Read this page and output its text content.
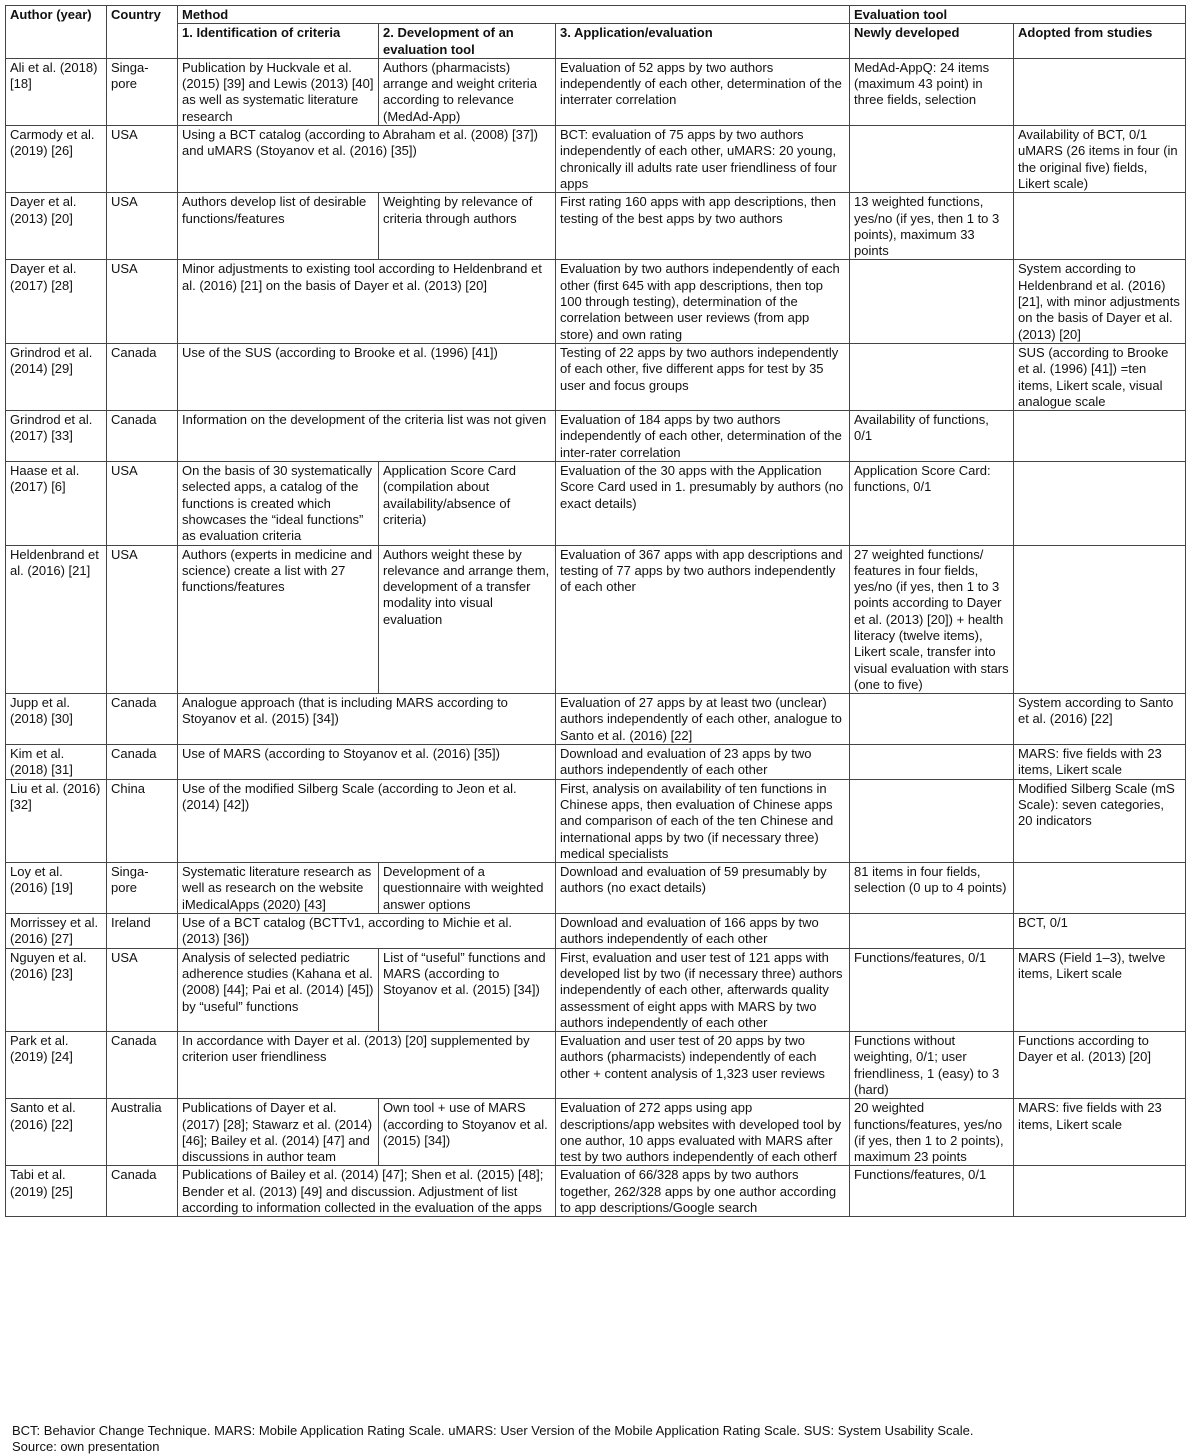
Author (year)	Country	Method			Evaluation tool	
		1. Identification of criteria	2. Development of an evaluation tool	3. Application/evaluation	Newly developed	Adopted from studies
Ali et al. (2018) [18]	Singa-pore	Publication by Huckvale et al. (2015) [39] and Lewis (2013) [40] as well as systematic literature research	Authors (pharmacists) arrange and weight criteria according to relevance (MedAd-App)	Evaluation of 52 apps by two authors independently of each other, determination of the interrater correlation	MedAd-AppQ: 24 items (maximum 43 point) in three fields, selection	
Carmody et al. (2019) [26]	USA	Using a BCT catalog (according to Abraham et al. (2008) [37]) and uMARS (Stoyanov et al. (2016) [35])		BCT: evaluation of 75 apps by two authors independently of each other, uMARS: 20 young, chronically ill adults rate user friendliness of four apps		Availability of BCT, 0/1 uMARS (26 items in four (in the original five) fields, Likert scale)
Dayer et al. (2013) [20]	USA	Authors develop list of desirable functions/features	Weighting by relevance of criteria through authors	First rating 160 apps with app descriptions, then testing of the best apps by two authors	13 weighted functions, yes/no (if yes, then 1 to 3 points), maximum 33 points	
Dayer et al. (2017) [28]	USA	Minor adjustments to existing tool according to Heldenbrand et al. (2016) [21] on the basis of Dayer et al. (2013) [20]		Evaluation by two authors independently of each other (first 645 with app descriptions, then top 100 through testing), determination of the correlation between user reviews (from app store) and own rating		System according to Heldenbrand et al. (2016) [21], with minor adjustments on the basis of Dayer et al. (2013) [20]
Grindrod et al. (2014) [29]	Canada	Use of the SUS (according to Brooke et al. (1996) [41])		Testing of 22 apps by two authors independently of each other, five different apps for test by 35 user and focus groups		SUS (according to Brooke et al. (1996) [41]) =ten items, Likert scale, visual analogue scale
Grindrod et al. (2017) [33]	Canada	Information on the development of the criteria list was not given		Evaluation of 184 apps by two authors independently of each other, determination of the inter-rater correlation	Availability of functions, 0/1	
Haase et al. (2017) [6]	USA	On the basis of 30 systematically selected apps, a catalog of the functions is created which showcases the “ideal functions” as evaluation criteria	Application Score Card (compilation about availability/absence of criteria)	Evaluation of the 30 apps with the Application Score Card used in 1. presumably by authors (no exact details)	Application Score Card: functions, 0/1	
Heldenbrand et al. (2016) [21]	USA	Authors (experts in medicine and science) create a list with 27 functions/features	Authors weight these by relevance and arrange them, development of a transfer modality into visual evaluation	Evaluation of 367 apps with app descriptions and testing of 77 apps by two authors independently of each other	27 weighted functions/ features in four fields, yes/no (if yes, then 1 to 3 points according to Dayer et al. (2013) [20]) + health literacy (twelve items), Likert scale, transfer into visual evaluation with stars (one to five)	
Jupp et al. (2018) [30]	Canada	Analogue approach (that is including MARS according to Stoyanov et al. (2015) [34])		Evaluation of 27 apps by at least two (unclear) authors independently of each other, analogue to Santo et al. (2016) [22]		System according to Santo et al. (2016) [22]
Kim et al. (2018) [31]	Canada	Use of MARS (according to Stoyanov et al. (2016) [35])		Download and evaluation of 23 apps by two authors independently of each other		MARS: five fields with 23 items, Likert scale
Liu et al. (2016) [32]	China	Use of the modified Silberg Scale (according to Jeon et al. (2014) [42])		First, analysis on availability of ten functions in Chinese apps, then evaluation of Chinese apps and comparison of each of the ten Chinese and international apps by two (if necessary three) medical specialists		Modified Silberg Scale (mS Scale): seven categories, 20 indicators
Loy et al. (2016) [19]	Singa-pore	Systematic literature research as well as research on the website iMedicalApps (2020) [43]	Development of a questionnaire with weighted answer options	Download and evaluation of 59 presumably by authors (no exact details)	81 items in four fields, selection (0 up to 4 points)	
Morrissey et al. (2016) [27]	Ireland	Use of a BCT catalog (BCTTv1, according to Michie et al. (2013) [36])		Download and evaluation of 166 apps by two authors independently of each other		BCT, 0/1
Nguyen et al. (2016) [23]	USA	Analysis of selected pediatric adherence studies (Kahana et al. (2008) [44]; Pai et al. (2014) [45]) by “useful” functions	List of “useful” functions and MARS (according to Stoyanov et al. (2015) [34])	First, evaluation and user test of 121 apps with developed list by two (if necessary three) authors independently of each other, afterwards quality assessment of eight apps with MARS by two authors independently of each other	Functions/features, 0/1	MARS (Field 1–3), twelve items, Likert scale
Park et al. (2019) [24]	Canada	In accordance with Dayer et al. (2013) [20] supplemented by criterion user friendliness		Evaluation and user test of 20 apps by two authors (pharmacists) independently of each other + content analysis of 1,323 user reviews	Functions without weighting, 0/1; user friendliness, 1 (easy) to 3 (hard)	Functions according to Dayer et al. (2013) [20]
Santo et al. (2016) [22]	Australia	Publications of Dayer et al. (2017) [28]; Stawarz et al. (2014) [46]; Bailey et al. (2014) [47] and discussions in author team	Own tool + use of MARS (according to Stoyanov et al. (2015) [34])	Evaluation of 272 apps using app descriptions/app websites with developed tool by one author, 10 apps evaluated with MARS after test by two authors independently of each otherf	20 weighted functions/features, yes/no (if yes, then 1 to 2 points), maximum 23 points	MARS: five fields with 23 items, Likert scale
Tabi et al. (2019) [25]	Canada	Publications of Bailey et al. (2014) [47]; Shen et al. (2015) [48]; Bender et al. (2013) [49] and discussion. Adjustment of list according to information collected in the evaluation of the apps		Evaluation of 66/328 apps by two authors together, 262/328 apps by one author according to app descriptions/Google search	Functions/features, 0/1	
BCT: Behavior Change Technique. MARS: Mobile Application Rating Scale. uMARS: User Version of the Mobile Application Rating Scale. SUS: System Usability Scale.
Source: own presentation
